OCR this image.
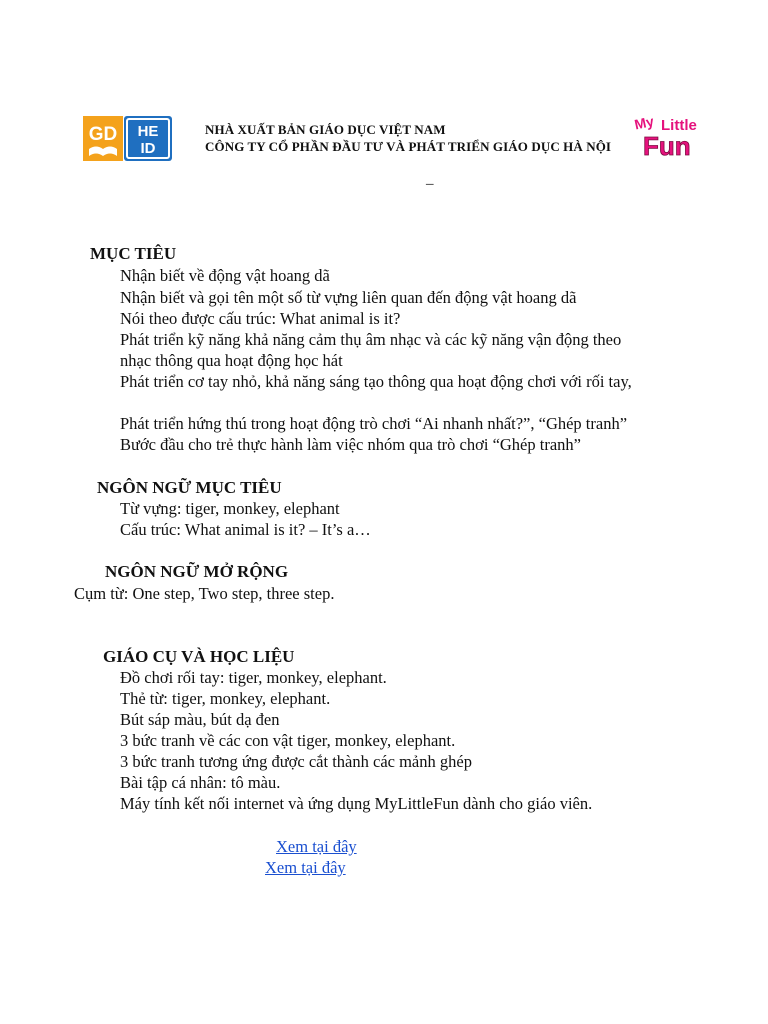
GD HE
ID
My Little
Fun
NHÀ XUẤT BẢN GIÁO DỤC VIỆT NAM
CÔNG TY CỔ PHẦN ĐẦU TƯ VÀ PHÁT TRIỂN GIÁO DỤC HÀ NỘI
–
MỤC TIÊU
Nhận biết về động vật hoang dã
Nhận biết và gọi tên một số từ vựng liên quan đến động vật hoang dã
Nói theo được cấu trúc: What animal is it?
Phát triển kỹ năng khả năng cảm thụ âm nhạc và các kỹ năng vận động theo
nhạc thông qua hoạt động học hát
Phát triển cơ tay nhỏ, khả năng sáng tạo thông qua hoạt động chơi với rối tay,
Phát triển hứng thú trong hoạt động trò chơi “Ai nhanh nhất?”, “Ghép tranh”
Bước đầu cho trẻ thực hành làm việc nhóm qua trò chơi “Ghép tranh”
NGÔN NGỮ MỤC TIÊU
Từ vựng: tiger, monkey, elephant
Cấu trúc: What animal is it? – It’s a…
NGÔN NGỮ MỞ RỘNG
Cụm từ: One step, Two step, three step.
GIÁO CỤ VÀ HỌC LIỆU
Đồ chơi rối tay: tiger, monkey, elephant.
Thẻ từ: tiger, monkey, elephant.
Bút sáp màu, bút dạ đen
3 bức tranh về các con vật tiger, monkey, elephant.
3 bức tranh tương ứng được cắt thành các mảnh ghép
Bài tập cá nhân: tô màu.
Máy tính kết nối internet và ứng dụng MyLittleFun dành cho giáo viên.
Xem tại đây
Xem tại đây
